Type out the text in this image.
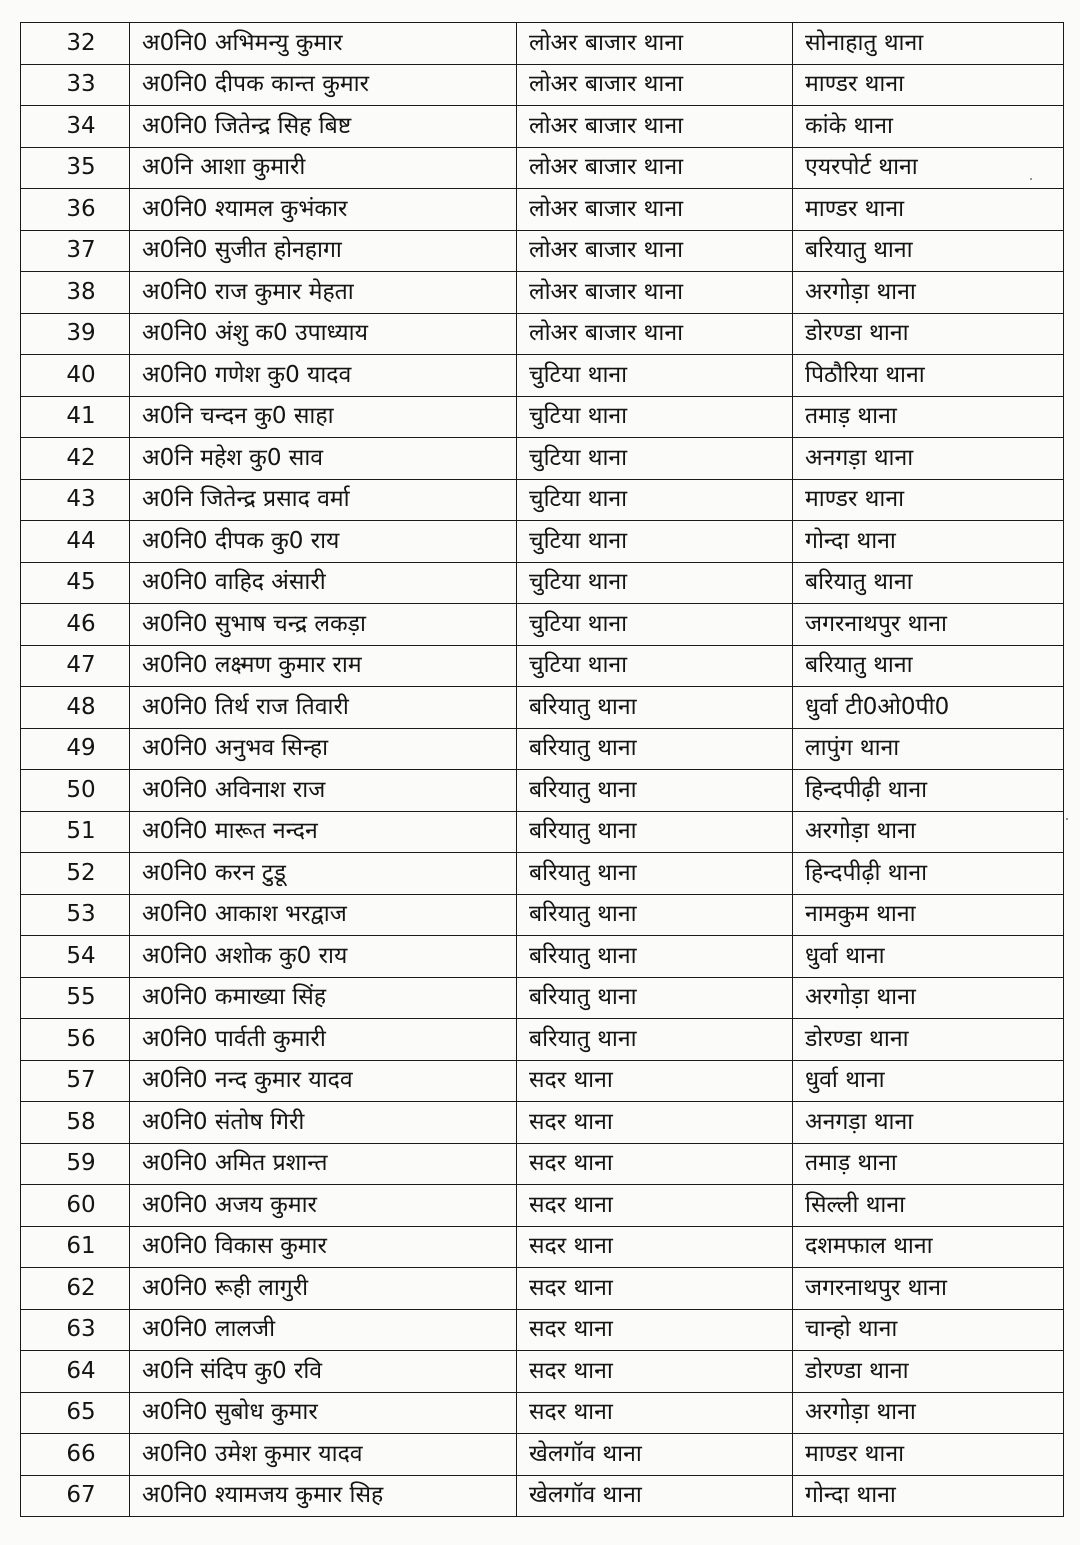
32	अ0नि0 अभिमन्यु कुमार	लोअर बाजार थाना	सोनाहातु थाना
33	अ0नि0 दीपक कान्त कुमार	लोअर बाजार थाना	माण्डर थाना
34	अ0नि0 जितेन्द्र सिह बिष्ट	लोअर बाजार थाना	कांके थाना
35	अ0नि आशा कुमारी	लोअर बाजार थाना	एयरपोर्ट थाना
36	अ0नि0 श्यामल कुभंकार	लोअर बाजार थाना	माण्डर थाना
37	अ0नि0 सुजीत होनहागा	लोअर बाजार थाना	बरियातु थाना
38	अ0नि0 राज कुमार मेहता	लोअर बाजार थाना	अरगोड़ा थाना
39	अ0नि0 अंशु क0 उपाध्याय	लोअर बाजार थाना	डोरण्डा थाना
40	अ0नि0 गणेश कु0 यादव	चुटिया थाना	पिठौरिया थाना
41	अ0नि चन्दन कु0 साहा	चुटिया थाना	तमाड़ थाना
42	अ0नि महेश कु0 साव	चुटिया थाना	अनगड़ा थाना
43	अ0नि जितेन्द्र प्रसाद वर्मा	चुटिया थाना	माण्डर थाना
44	अ0नि0 दीपक कु0 राय	चुटिया थाना	गोन्दा थाना
45	अ0नि0 वाहिद अंसारी	चुटिया थाना	बरियातु थाना
46	अ0नि0 सुभाष चन्द्र लकड़ा	चुटिया थाना	जगरनाथपुर थाना
47	अ0नि0 लक्ष्मण कुमार राम	चुटिया थाना	बरियातु थाना
48	अ0नि0 तिर्थ राज तिवारी	बरियातु थाना	धुर्वा टी0ओ0पी0
49	अ0नि0 अनुभव सिन्हा	बरियातु थाना	लापुंग थाना
50	अ0नि0 अविनाश राज	बरियातु थाना	हिन्दपीढ़ी थाना
51	अ0नि0 मारूत नन्दन	बरियातु थाना	अरगोड़ा थाना
52	अ0नि0 करन टुडू	बरियातु थाना	हिन्दपीढ़ी थाना
53	अ0नि0 आकाश भरद्वाज	बरियातु थाना	नामकुम थाना
54	अ0नि0 अशोक कु0 राय	बरियातु थाना	धुर्वा थाना
55	अ0नि0 कमाख्या सिंह	बरियातु थाना	अरगोड़ा थाना
56	अ0नि0 पार्वती कुमारी	बरियातु थाना	डोरण्डा थाना
57	अ0नि0 नन्द कुमार यादव	सदर थाना	धुर्वा थाना
58	अ0नि0 संतोष गिरी	सदर थाना	अनगड़ा थाना
59	अ0नि0 अमित प्रशान्त	सदर थाना	तमाड़ थाना
60	अ0नि0 अजय कुमार	सदर थाना	सिल्ली थाना
61	अ0नि0 विकास कुमार	सदर थाना	दशमफाल थाना
62	अ0नि0 रूही लागुरी	सदर थाना	जगरनाथपुर थाना
63	अ0नि0 लालजी	सदर थाना	चान्हो थाना
64	अ0नि संदिप कु0 रवि	सदर थाना	डोरण्डा थाना
65	अ0नि0 सुबोध कुमार	सदर थाना	अरगोड़ा थाना
66	अ0नि0 उमेश कुमार यादव	खेलगॉव थाना	माण्डर थाना
67	अ0नि0 श्यामजय कुमार सिह	खेलगॉव थाना	गोन्दा थाना
